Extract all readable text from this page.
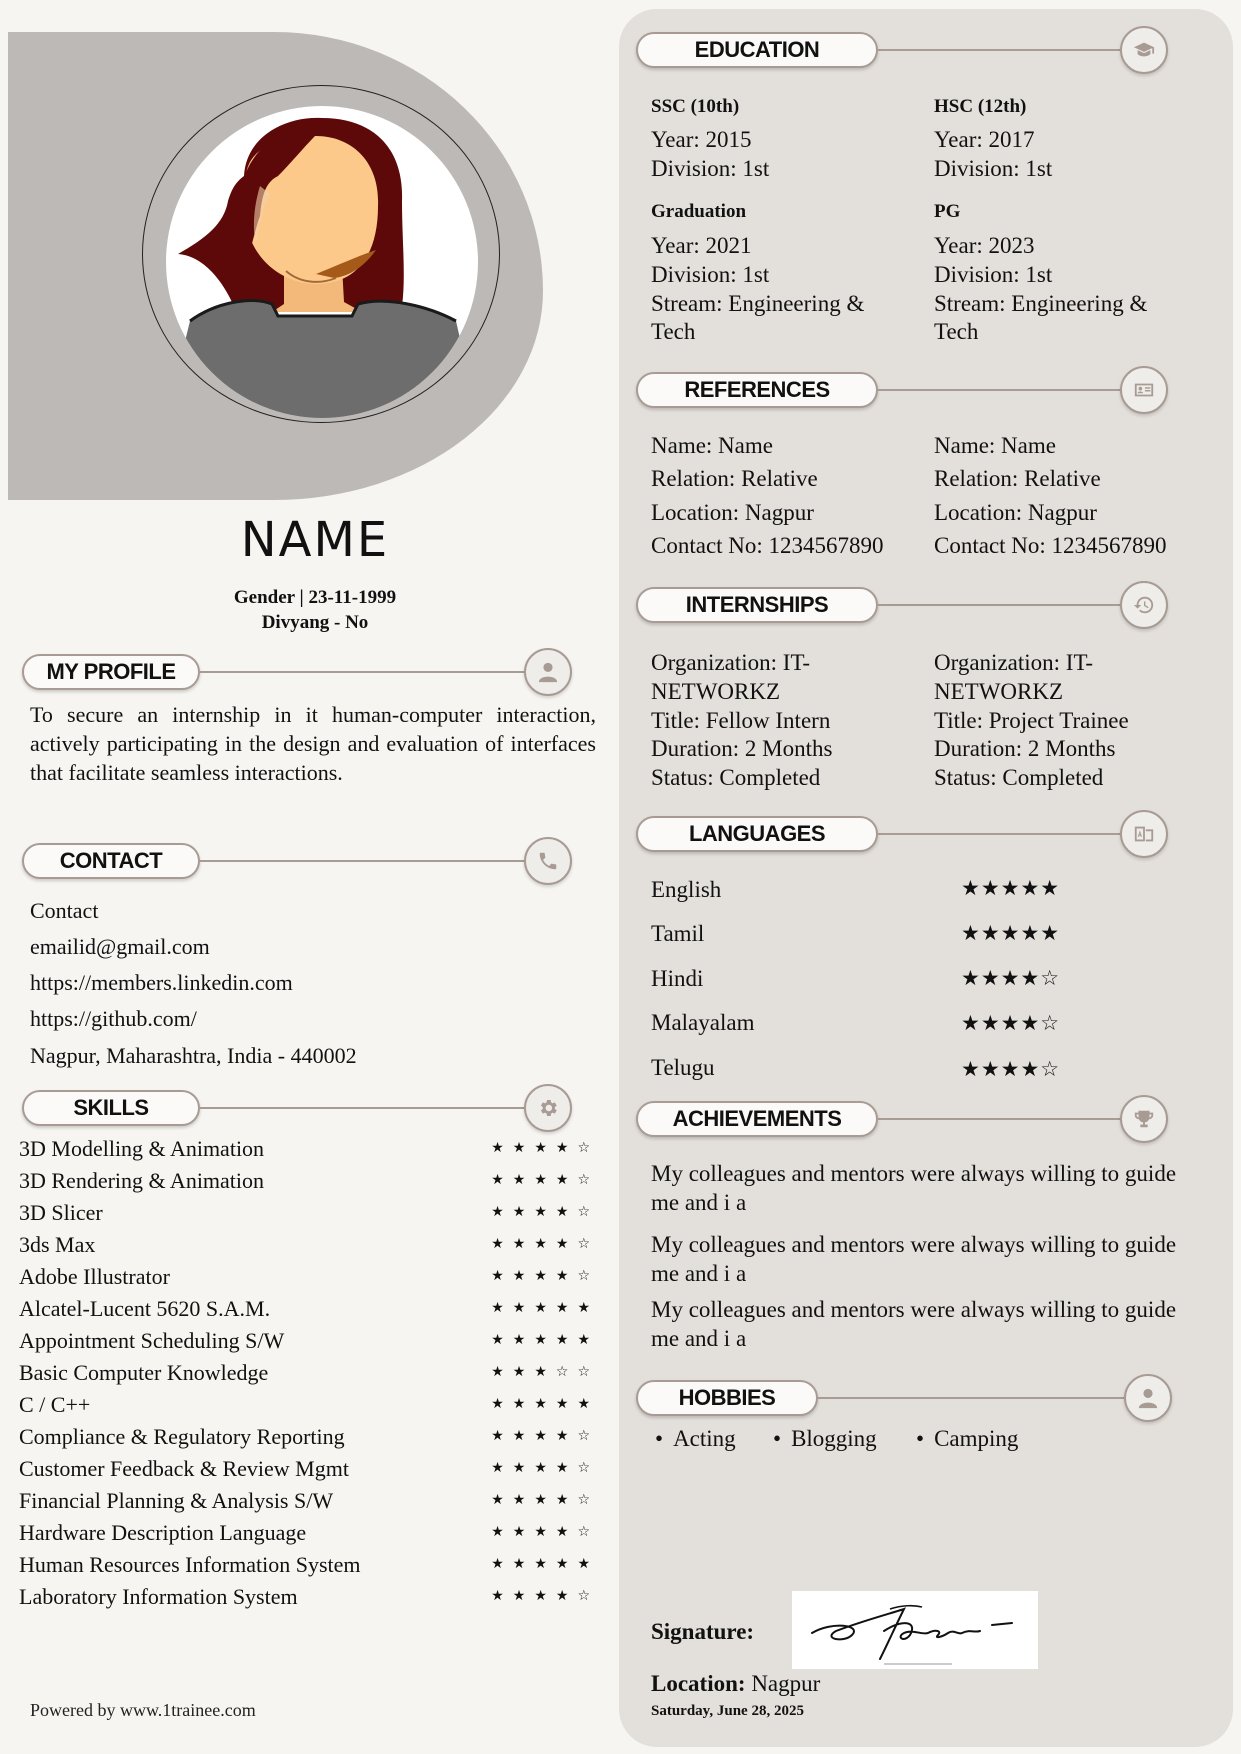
NAME
Gender | 23-11-1999
Divyang - No
MY PROFILE
To secure an internship in it human-computer interaction, actively participating in the design and evaluation of interfaces that facilitate seamless interactions.
CONTACT
Contact
emailid@gmail.com
https://members.linkedin.com
https://github.com/
Nagpur, Maharashtra, India - 440002
SKILLS
3D Modelling & Animation	★★★★☆
3D Rendering & Animation	★★★★☆
3D Slicer	★★★★☆
3ds Max	★★★★☆
Adobe Illustrator	★★★★☆
Alcatel-Lucent 5620 S.A.M.	★★★★★
Appointment Scheduling S/W	★★★★★
Basic Computer Knowledge	★★★☆☆
C / C++	★★★★★
Compliance & Regulatory Reporting	★★★★☆
Customer Feedback & Review Mgmt	★★★★☆
Financial Planning & Analysis S/W	★★★★☆
Hardware Description Language	★★★★☆
Human Resources Information System	★★★★★
Laboratory Information System	★★★★☆
Powered by www.1trainee.com
EDUCATION
SSC (10th)
Year: 2015
Division: 1st
HSC (12th)
Year: 2017
Division: 1st
Graduation
Year: 2021
Division: 1st
Stream: Engineering &
Tech
PG
Year: 2023
Division: 1st
Stream: Engineering &
Tech
REFERENCES
Name: Name
Relation: Relative
Location: Nagpur
Contact No: 1234567890
Name: Name
Relation: Relative
Location: Nagpur
Contact No: 1234567890
INTERNSHIPS
Organization: IT-
NETWORKZ
Title: Fellow Intern
Duration: 2 Months
Status: Completed
Organization: IT-
NETWORKZ
Title: Project Trainee
Duration: 2 Months
Status: Completed
LANGUAGES
English	★★★★★
Tamil	★★★★★
Hindi	★★★★☆
Malayalam	★★★★☆
Telugu	★★★★☆
ACHIEVEMENTS
My colleagues and mentors were always willing to guide me and i a
My colleagues and mentors were always willing to guide me and i a
My colleagues and mentors were always willing to guide me and i a
HOBBIES
• Acting	• Blogging	• Camping
Signature:
Location: Nagpur
Saturday, June 28, 2025
